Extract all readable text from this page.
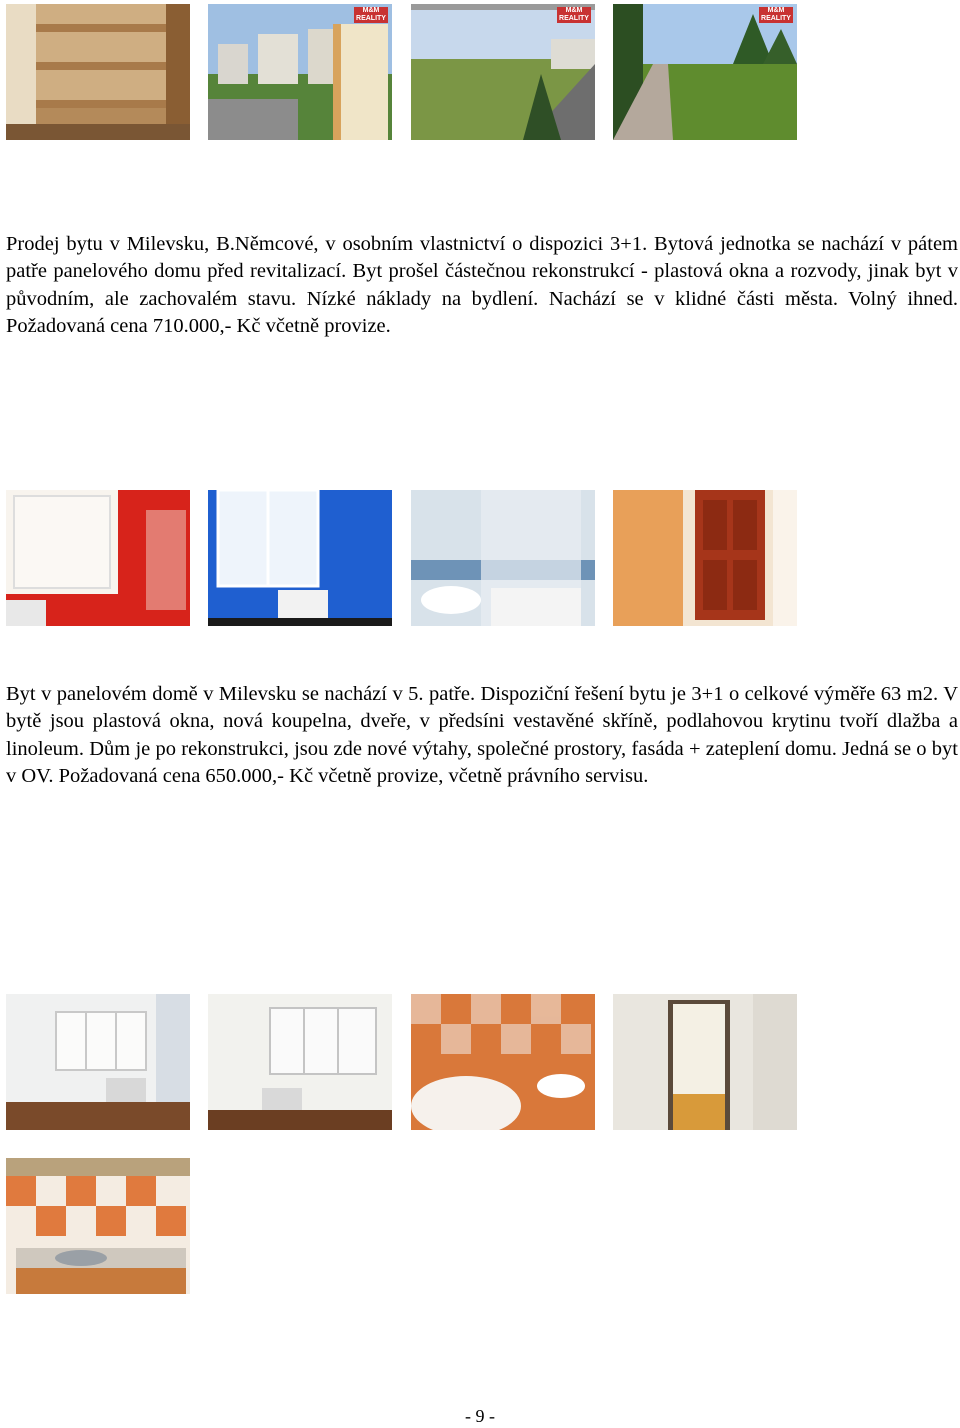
M&M REALITY
M&M REALITY
M&M REALITY

Prodej bytu v Milevsku, B.Němcové, v osobním vlastnictví o dispozici 3+1. Bytová jednotka se nachází v pátem patře panelového domu před revitalizací. Byt prošel částečnou rekonstrukcí - plastová okna a rozvody, jinak byt v původním, ale zachovalém stavu. Nízké náklady na bydlení. Nachází se v klidné části města. Volný ihned. Požadovaná cena 710.000,- Kč včetně provize.

Byt v panelovém domě v Milevsku se nachází v 5. patře. Dispoziční řešení bytu je 3+1 o celkové výměře 63 m2. V bytě jsou plastová okna, nová koupelna, dveře, v předsíni vestavěné skříně, podlahovou krytinu tvoří dlažba a linoleum. Dům je po rekonstrukci, jsou zde nové výtahy, společné prostory, fasáda + zateplení domu. Jedná se o byt v OV. Požadovaná cena 650.000,- Kč včetně provize, včetně právního servisu.

- 9 -
